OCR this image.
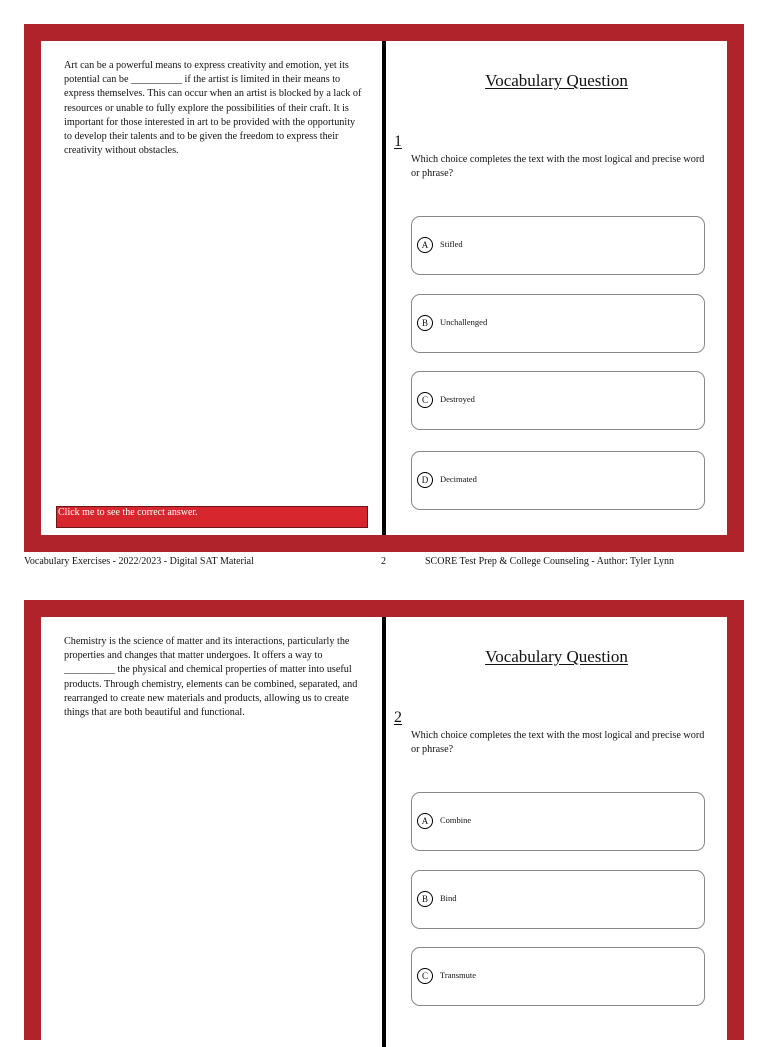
Art can be a powerful means to express creativity and emotion, yet its potential can be __________ if the artist is limited in their means to express themselves. This can occur when an artist is blocked by a lack of resources or unable to fully explore the possibilities of their craft. It is important for those interested in art to be provided with the opportunity to develop their talents and to be given the freedom to express their creativity without obstacles.
Click me to see the correct answer.
Vocabulary Question
1
Which choice completes the text with the most logical and precise word or phrase?
A	Stifled
B	Unchallenged
C	Destroyed
D	Decimated
Vocabulary Exercises - 2022/2023 - Digital SAT Material	2	SCORE Test Prep & College Counseling - Author: Tyler Lynn
Chemistry is the science of matter and its interactions, particularly the properties and changes that matter undergoes. It offers a way to __________ the physical and chemical properties of matter into useful products. Through chemistry, elements can be combined, separated, and rearranged to create new materials and products, allowing us to create things that are both beautiful and functional.
Vocabulary Question
2
Which choice completes the text with the most logical and precise word or phrase?
A	Combine
B	Bind
C	Transmute
